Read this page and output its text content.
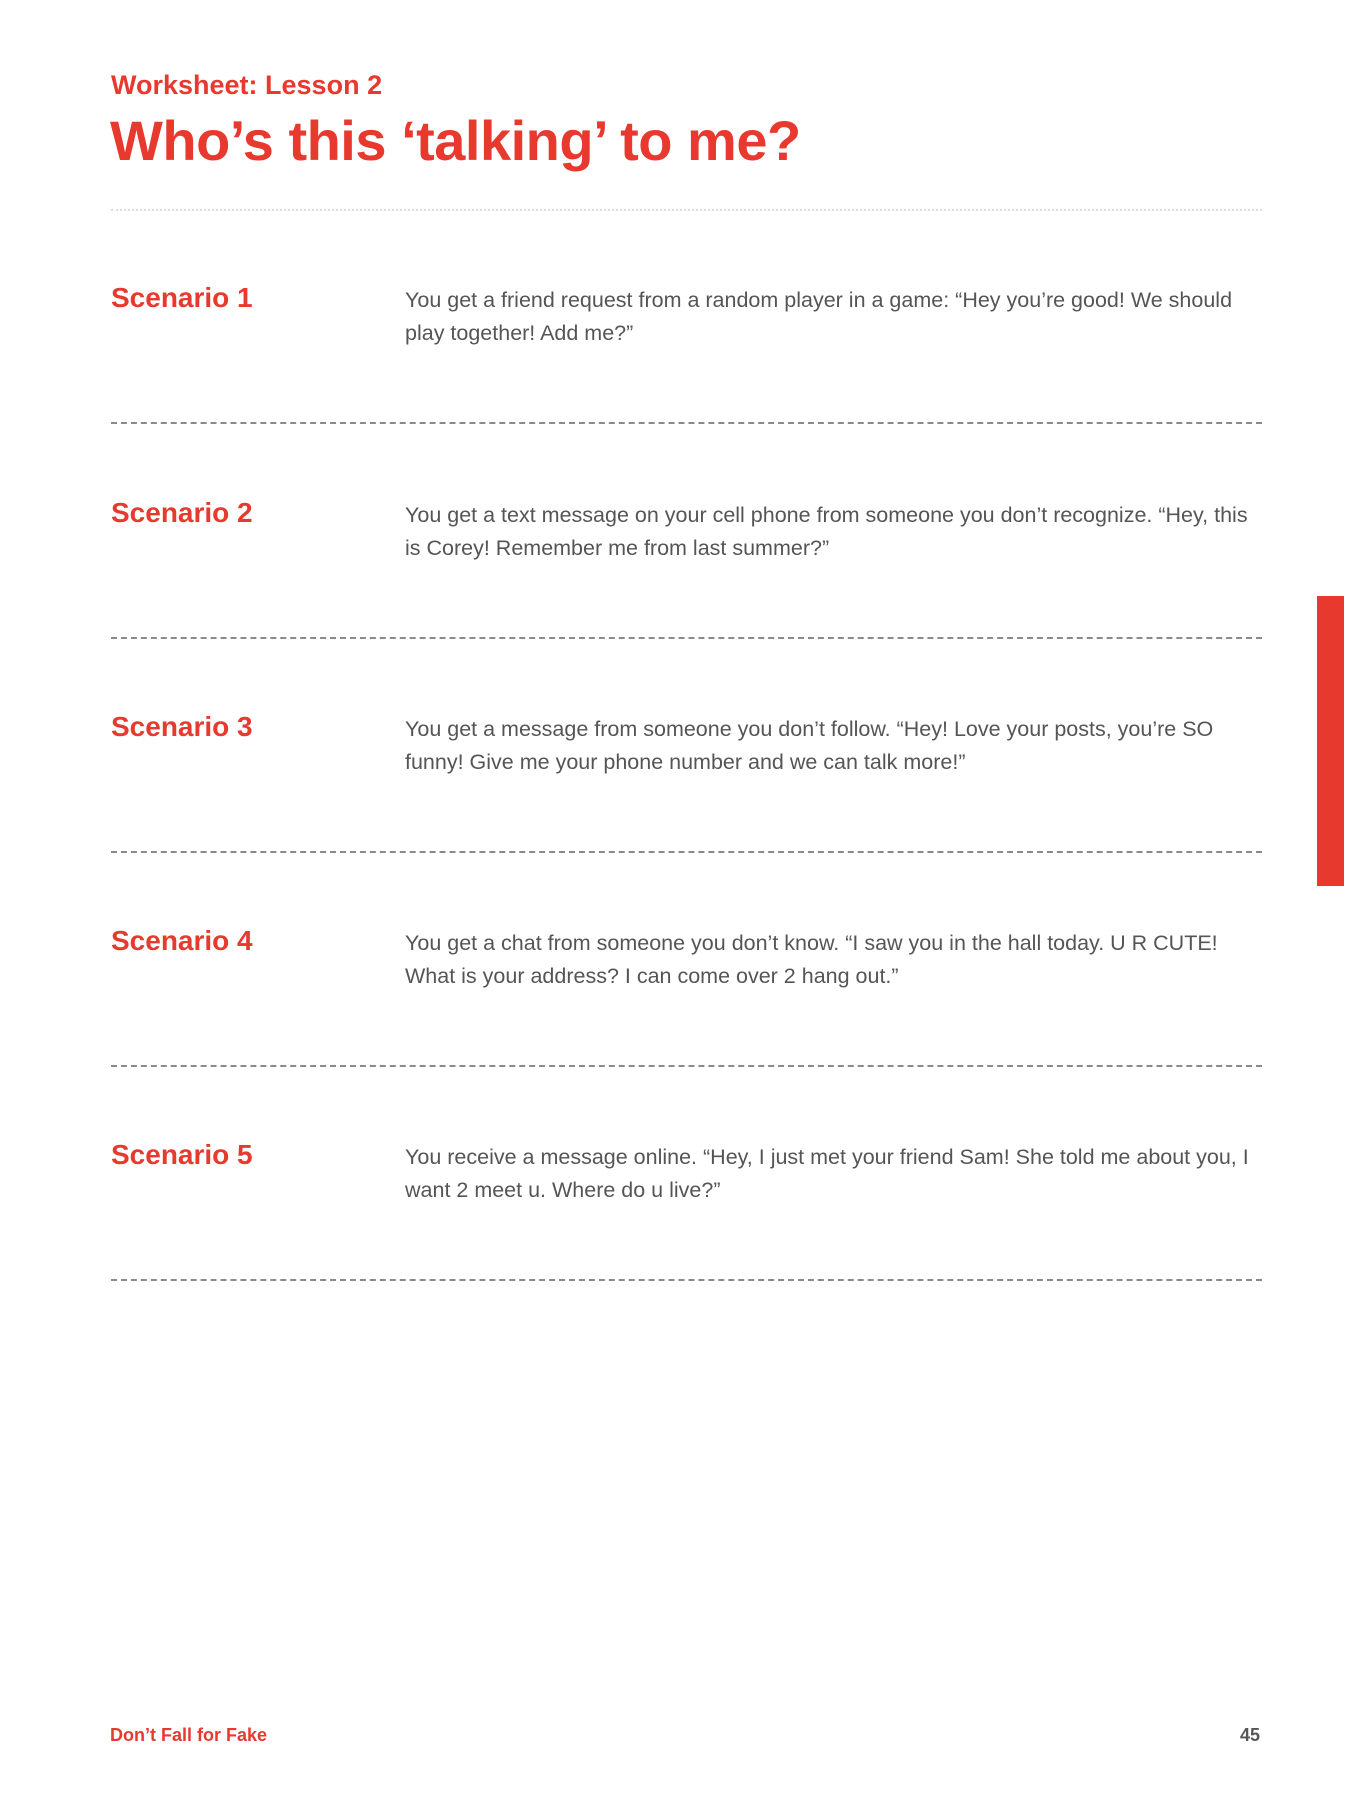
Worksheet: Lesson 2
Who’s this ‘talking’ to me?
Scenario 1	You get a friend request from a random player in a game: “Hey you’re good! We should play together! Add me?”
Scenario 2	You get a text message on your cell phone from someone you don’t recognize. “Hey, this is Corey! Remember me from last summer?”
Scenario 3	You get a message from someone you don’t follow. “Hey! Love your posts, you’re SO funny! Give me your phone number and we can talk more!”
Scenario 4	You get a chat from someone you don’t know. “I saw you in the hall today. U R CUTE! What is your address? I can come over 2 hang out.”
Scenario 5	You receive a message online. “Hey, I just met your friend Sam! She told me about you, I want 2 meet u. Where do u live?”
Don’t Fall for Fake	45
